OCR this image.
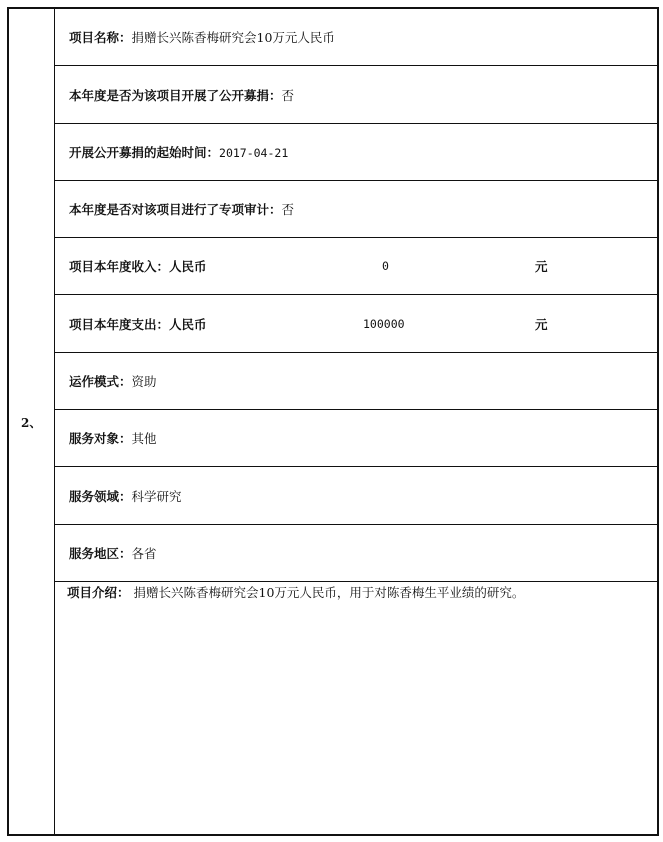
2、
项目名称：捐赠长兴陈香梅研究会10万元人民币
本年度是否为该项目开展了公开募捐：否
开展公开募捐的起始时间：2017-04-21
本年度是否对该项目进行了专项审计：否
项目本年度收入：人民币	0	元
项目本年度支出：人民币	100000	元
运作模式：资助
服务对象：其他
服务领域：科学研究
服务地区：各省
项目介绍： 捐赠长兴陈香梅研究会10万元人民币，用于对陈香梅生平业绩的研究。
